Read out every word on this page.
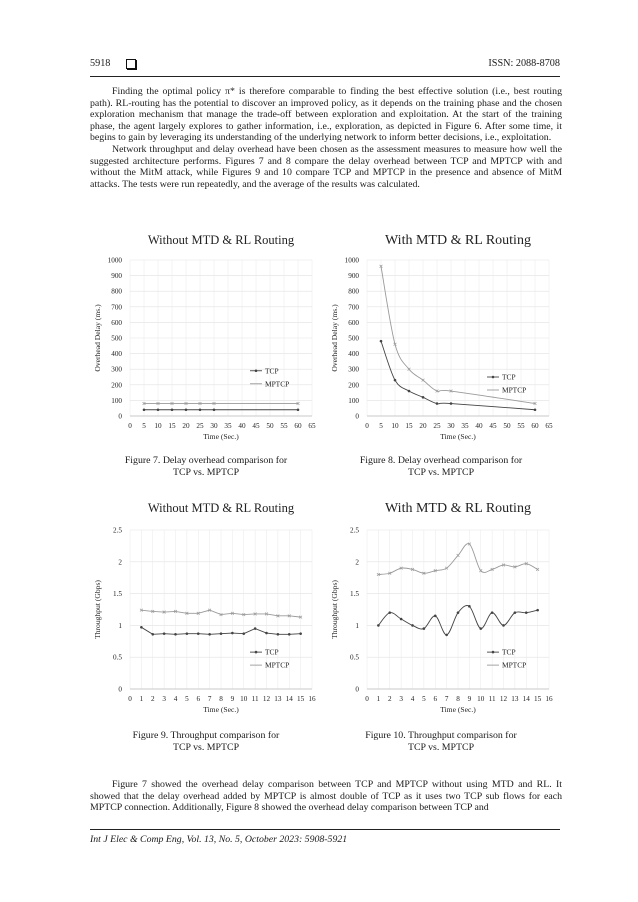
5918	ISSN: 2088-8708

Finding the optimal policy π* is therefore comparable to finding the best effective solution (i.e., best routing path). RL-routing has the potential to discover an improved policy, as it depends on the training phase and the chosen exploration mechanism that manage the trade-off between exploration and exploitation. At the start of the training phase, the agent largely explores to gather information, i.e., exploration, as depicted in Figure 6. After some time, it begins to gain by leveraging its understanding of the underlying network to inform better decisions, i.e., exploitation.

Network throughput and delay overhead have been chosen as the assessment measures to measure how well the suggested architecture performs. Figures 7 and 8 compare the delay overhead between TCP and MPTCP with and without the MitM attack, while Figures 9 and 10 compare TCP and MPTCP in the presence and absence of MitM attacks. The tests were run repeatedly, and the average of the results was calculated.

Without MTD & RL Routing
0
100
200
300
400
500
600
700
800
900
1000
0 5 10 15 20 25 30 35 40 45 50 55 60 65
Time (Sec.)
Overhead Delay (ms.)	TCP
MPTCP
Figure 7. Delay overhead comparison for
TCP vs. MPTCP
With MTD & RL Routing
0
100
200
300
400
500
600
700
800
900
1000
0 5 10 15 20 25 30 35 40 45 50 55 60 65
Time (Sec.)
Overhead Delay (ms.)
TCP
MPTCP
Figure 8. Delay overhead comparison for
TCP vs. MPTCP
Without MTD & RL Routing
0
0.5
1
1.5
2
2.5
0 1 2 3 4 5 6 7 8 9 10 11 12 13 14 15 16
Time (Sec.)
Throughput (Gbps)
TCP
MPTCP
Figure 9. Throughput comparison for
TCP vs. MPTCP
With MTD & RL Routing
0
0.5
1
1.5
2
2.5
0 1 2 3 4 5 6 7 8 9 10 11 12 13 14 15 16
Time (Sec.)
Throughput (Gbps)
TCP
MPTCP
Figure 10. Throughput comparison for
TCP vs. MPTCP

Figure 7 showed the overhead delay comparison between TCP and MPTCP without using MTD and RL. It showed that the delay overhead added by MPTCP is almost double of TCP as it uses two TCP sub flows for each MPTCP connection. Additionally, Figure 8 showed the overhead delay comparison between TCP and

Int J Elec & Comp Eng, Vol. 13, No. 5, October 2023: 5908-5921
